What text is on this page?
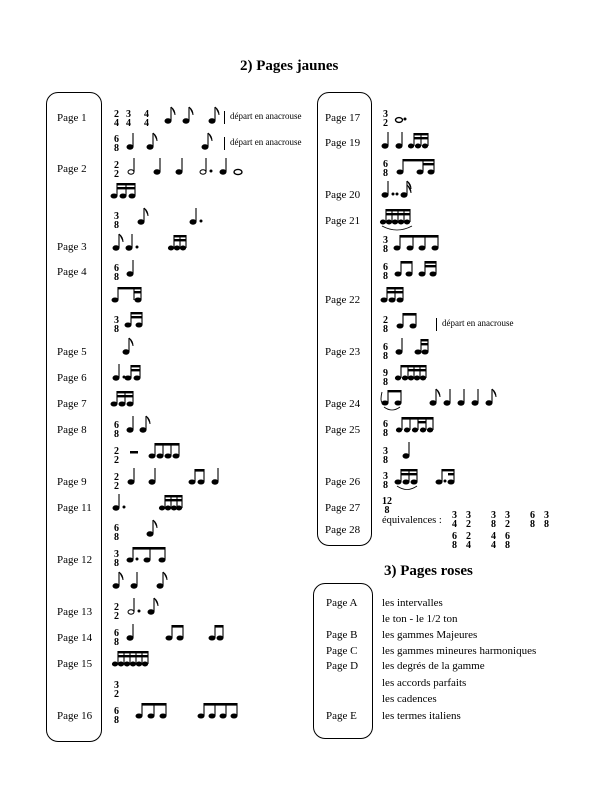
2) Pages jaunes
3) Pages roses
Page 1
Page 2
Page 3
Page 4
Page 5
Page 6
Page 7
Page 8
Page 9
Page 11
Page 12
Page 13
Page 14
Page 15
Page 16
Page 17
Page 19
Page 20
Page 21
Page 22
Page 23
Page 24
Page 25
Page 26
Page 27
Page 28
Page A
Page B
Page C
Page D
Page E
les intervalles
le ton - le 1/2 ton
les gammes Majeures
les gammes mineures harmoniques
les degrés de la gamme
les accords parfaits
les cadences
les termes italiens
départ en anacrouse
départ en anacrouse
départ en anacrouse
équivalences :
2
4
3
4
4
4
6
8
2
2
3
8
6
8
3
8
6
8
2
2
2
2
6
8
3
8
2
2
6
8
3
2
6
8
3
2
6
8
3
8
6
8
2
8
6
8
9
8
6
8
3
8
3
8
12
8	3
4
3
2
3
8
3
2
6
8
3
8
6
8
2
4
4
4
6
8
